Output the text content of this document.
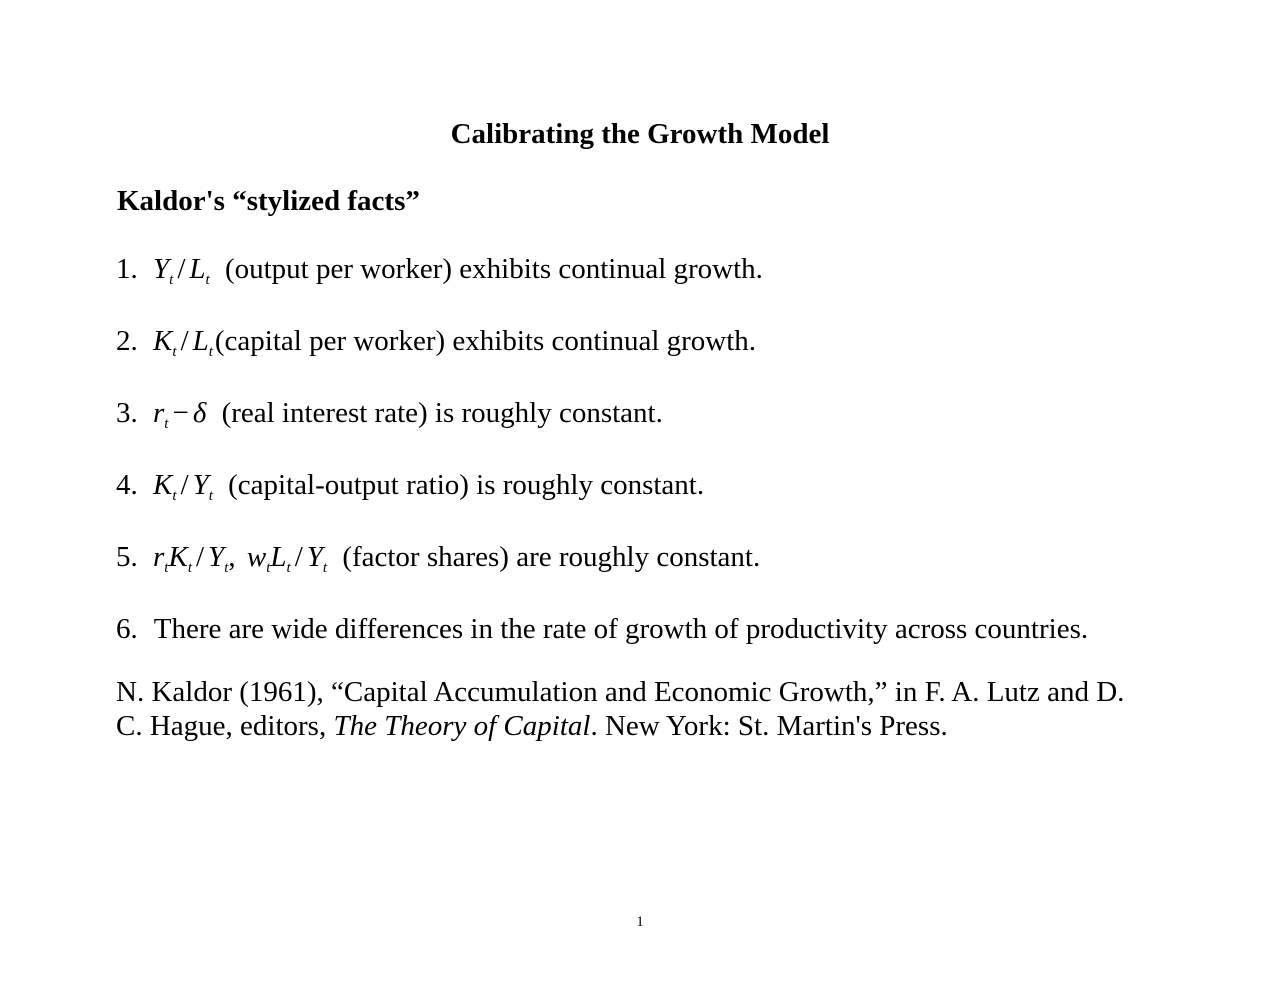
Calibrating the Growth Model
Kaldor's “stylized facts”
1. $Y_t / L_t$ (output per worker) exhibits continual growth.
2. $K_t$ / $L_t(capital$ per worker) exhibits continual growth.
3. $r_t - \delta$ (real interest rate) is roughly constant.
4. $K_t / Y_t$ (capital-output ratio) is roughly constant.
5. $r_tK_t / Y_t$, $w_tL_t / Y_t$ (factor shares) are roughly constant.
6. There are wide differences in the rate of growth of productivity across countries.
N. Kaldor (1961), “Capital Accumulation and Economic Growth,” in F. A. Lutz and D. C. Hague, editors, The Theory of Capital. New York: St. Martin's Press.
1
